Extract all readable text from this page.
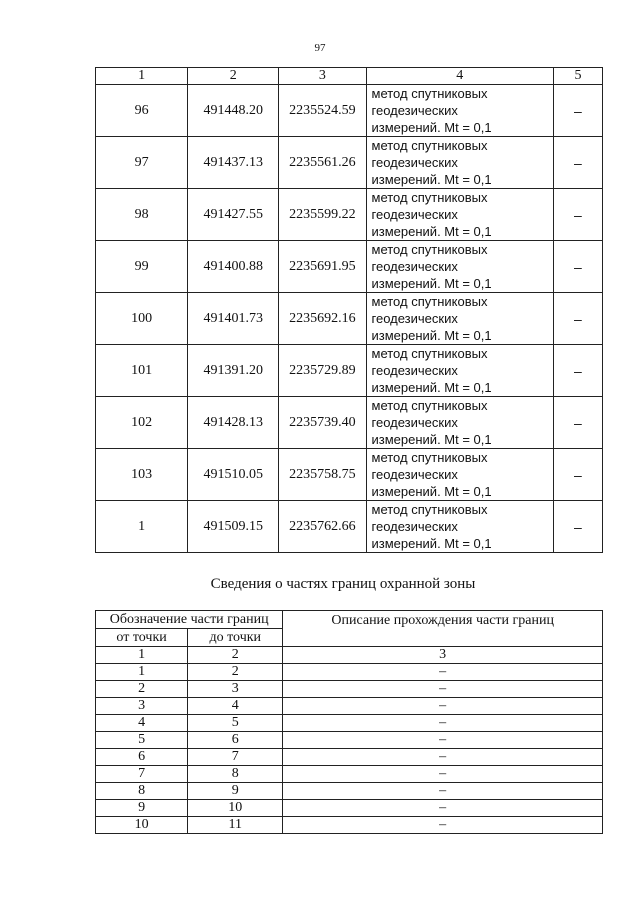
97
1	2	3	4	5
96	491448.20	2235524.59	метод спутниковых
геодезических
измерений. Mt = 0,1	–
97	491437.13	2235561.26	метод спутниковых
геодезических
измерений. Mt = 0,1	–
98	491427.55	2235599.22	метод спутниковых
геодезических
измерений. Mt = 0,1	–
99	491400.88	2235691.95	метод спутниковых
геодезических
измерений. Mt = 0,1	–
100	491401.73	2235692.16	метод спутниковых
геодезических
измерений. Mt = 0,1	–
101	491391.20	2235729.89	метод спутниковых
геодезических
измерений. Mt = 0,1	–
102	491428.13	2235739.40	метод спутниковых
геодезических
измерений. Mt = 0,1	–
103	491510.05	2235758.75	метод спутниковых
геодезических
измерений. Mt = 0,1	–
1	491509.15	2235762.66	метод спутниковых
геодезических
измерений. Mt = 0,1	–
Сведения о частях границ охранной зоны
Обозначение части границ		Описание прохождения части границ
от точки	до точки	
1	2	3
1	2	–
2	3	–
3	4	–
4	5	–
5	6	–
6	7	–
7	8	–
8	9	–
9	10	–
10	11	–
